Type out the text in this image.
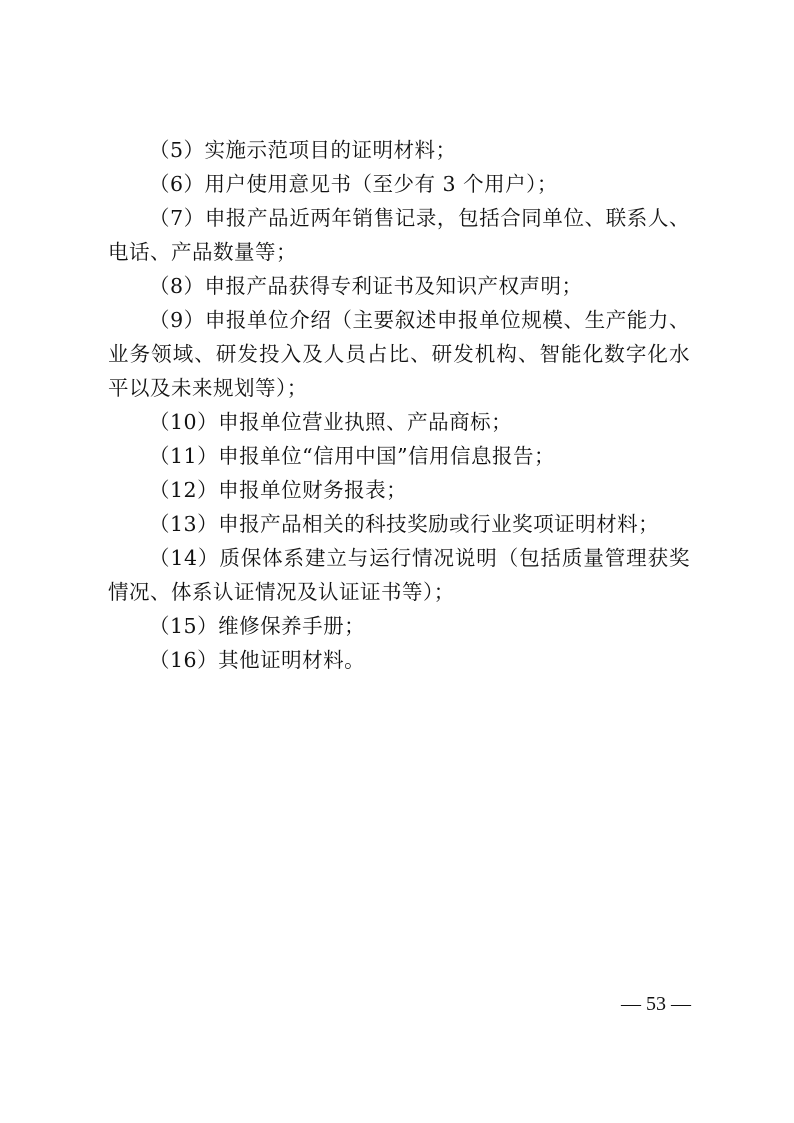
（5）实施示范项目的证明材料；

（6）用户使用意见书（至少有 3 个用户）；

（7）申报产品近两年销售记录，包括合同单位、联系人、电话、产品数量等；

（8）申报产品获得专利证书及知识产权声明；

（9）申报单位介绍（主要叙述申报单位规模、生产能力、业务领域、研发投入及人员占比、研发机构、智能化数字化水平以及未来规划等）；

（10）申报单位营业执照、产品商标；

（11）申报单位“信用中国”信用信息报告；

（12）申报单位财务报表；

（13）申报产品相关的科技奖励或行业奖项证明材料；

（14）质保体系建立与运行情况说明（包括质量管理获奖情况、体系认证情况及认证证书等）；

（15）维修保养手册；

（16）其他证明材料。

— 53 —
